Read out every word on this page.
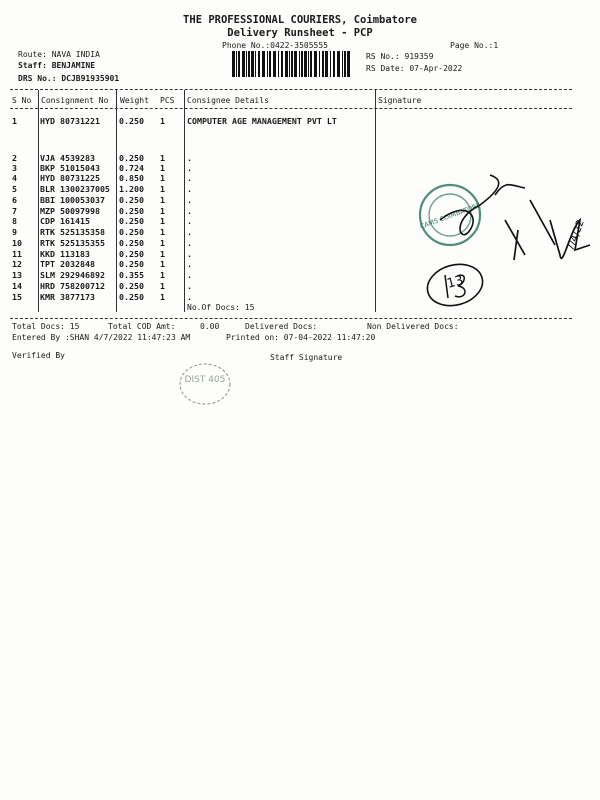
THE PROFESSIONAL COURIERS, Coimbatore
Delivery Runsheet - PCP
Phone No.:0422-3505555	Page No.:1
Route: NAVA INDIA
Staff: BENJAMINE
DRS No.: DCJB91935901
RS No.: 919359
RS Date: 07-Apr-2022
S No Consignment No Weight PCS Consignee Details	Signature
1	HYD 80731221 0.250 1	COMPUTER AGE MANAGEMENT PVT LT
2	VJA 4539283	0.250 1	.
3	BKP 51015043 0.724 1	.
4	HYD 80731225 0.850 1	.
5	BLR 1300237005 1.200 1	.
6	BBI 100053037 0.250 1	.
7	MZP 50097998 0.250 1	.
8	CDP 161415	0.250 1	.
9	RTK 525135358 0.250 1	.
10 RTK 525135355 0.250 1	.
11 KKD 113183	0.250 1	.
12 TPT 2032848	0.250 1	.
13 SLM 292946892 0.355 1	.
14 HRD 758200712 0.250 1	.
15 KMR 3877173	0.250 1	.
No.Of Docs: 15
Total Docs: 15	Total COD Amt:	0.00	Delivered Docs:	Non Delivered Docs:
Entered By :SHAN 4/7/2022 11:47:23 AM	Printed on: 07-04-2022 11:47:20
Verified By	Staff Signature
CAMS COIMBATORE
DIST 405
7/4/22
13
